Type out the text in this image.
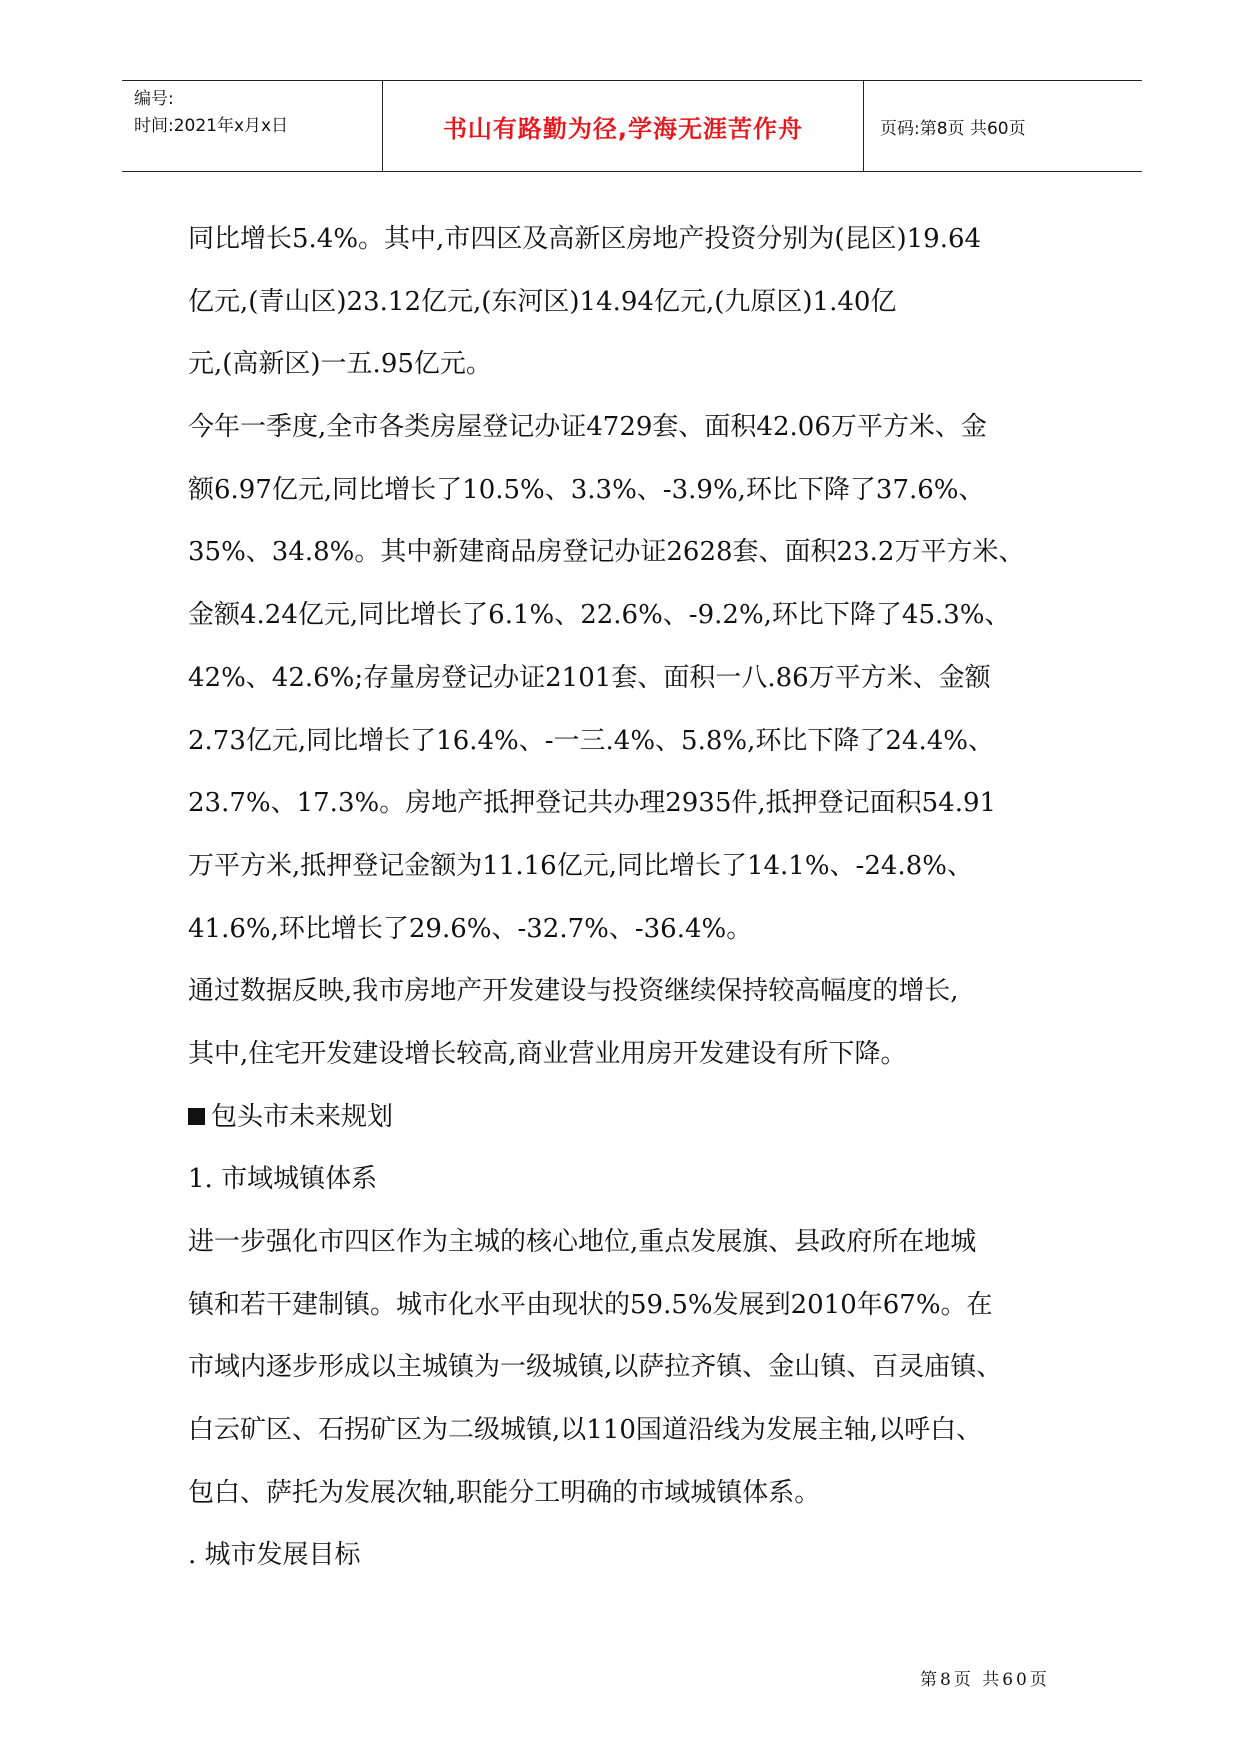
编号:
时间:2021年x月x日	书山有路勤为径,学海无涯苦作舟	页码:第8页 共60页

同比增长5.4%。其中,市四区及高新区房地产投资分别为(昆区)19.64

亿元,(青山区)23.12亿元,(东河区)14.94亿元,(九原区)1.40亿

元,(高新区)一五.95亿元。

今年一季度,全市各类房屋登记办证4729套、面积42.06万平方米、金

额6.97亿元,同比增长了10.5%、3.3%、-3.9%,环比下降了37.6%、

35%、34.8%。其中新建商品房登记办证2628套、面积23.2万平方米、

金额4.24亿元,同比增长了6.1%、22.6%、-9.2%,环比下降了45.3%、

42%、42.6%;存量房登记办证2101套、面积一八.86万平方米、金额

2.73亿元,同比增长了16.4%、-一三.4%、5.8%,环比下降了24.4%、

23.7%、17.3%。房地产抵押登记共办理2935件,抵押登记面积54.91

万平方米,抵押登记金额为11.16亿元,同比增长了14.1%、-24.8%、

41.6%,环比增长了29.6%、-32.7%、-36.4%。

通过数据反映,我市房地产开发建设与投资继续保持较高幅度的增长,

其中,住宅开发建设增长较高,商业营业用房开发建设有所下降。

包头市未来规划

1. 市域城镇体系

进一步强化市四区作为主城的核心地位,重点发展旗、县政府所在地城

镇和若干建制镇。城市化水平由现状的59.5%发展到2010年67%。在

市域内逐步形成以主城镇为一级城镇,以萨拉齐镇、金山镇、百灵庙镇、

白云矿区、石拐矿区为二级城镇,以110国道沿线为发展主轴,以呼白、

包白、萨托为发展次轴,职能分工明确的市域城镇体系。

. 城市发展目标

第8页 共60页
